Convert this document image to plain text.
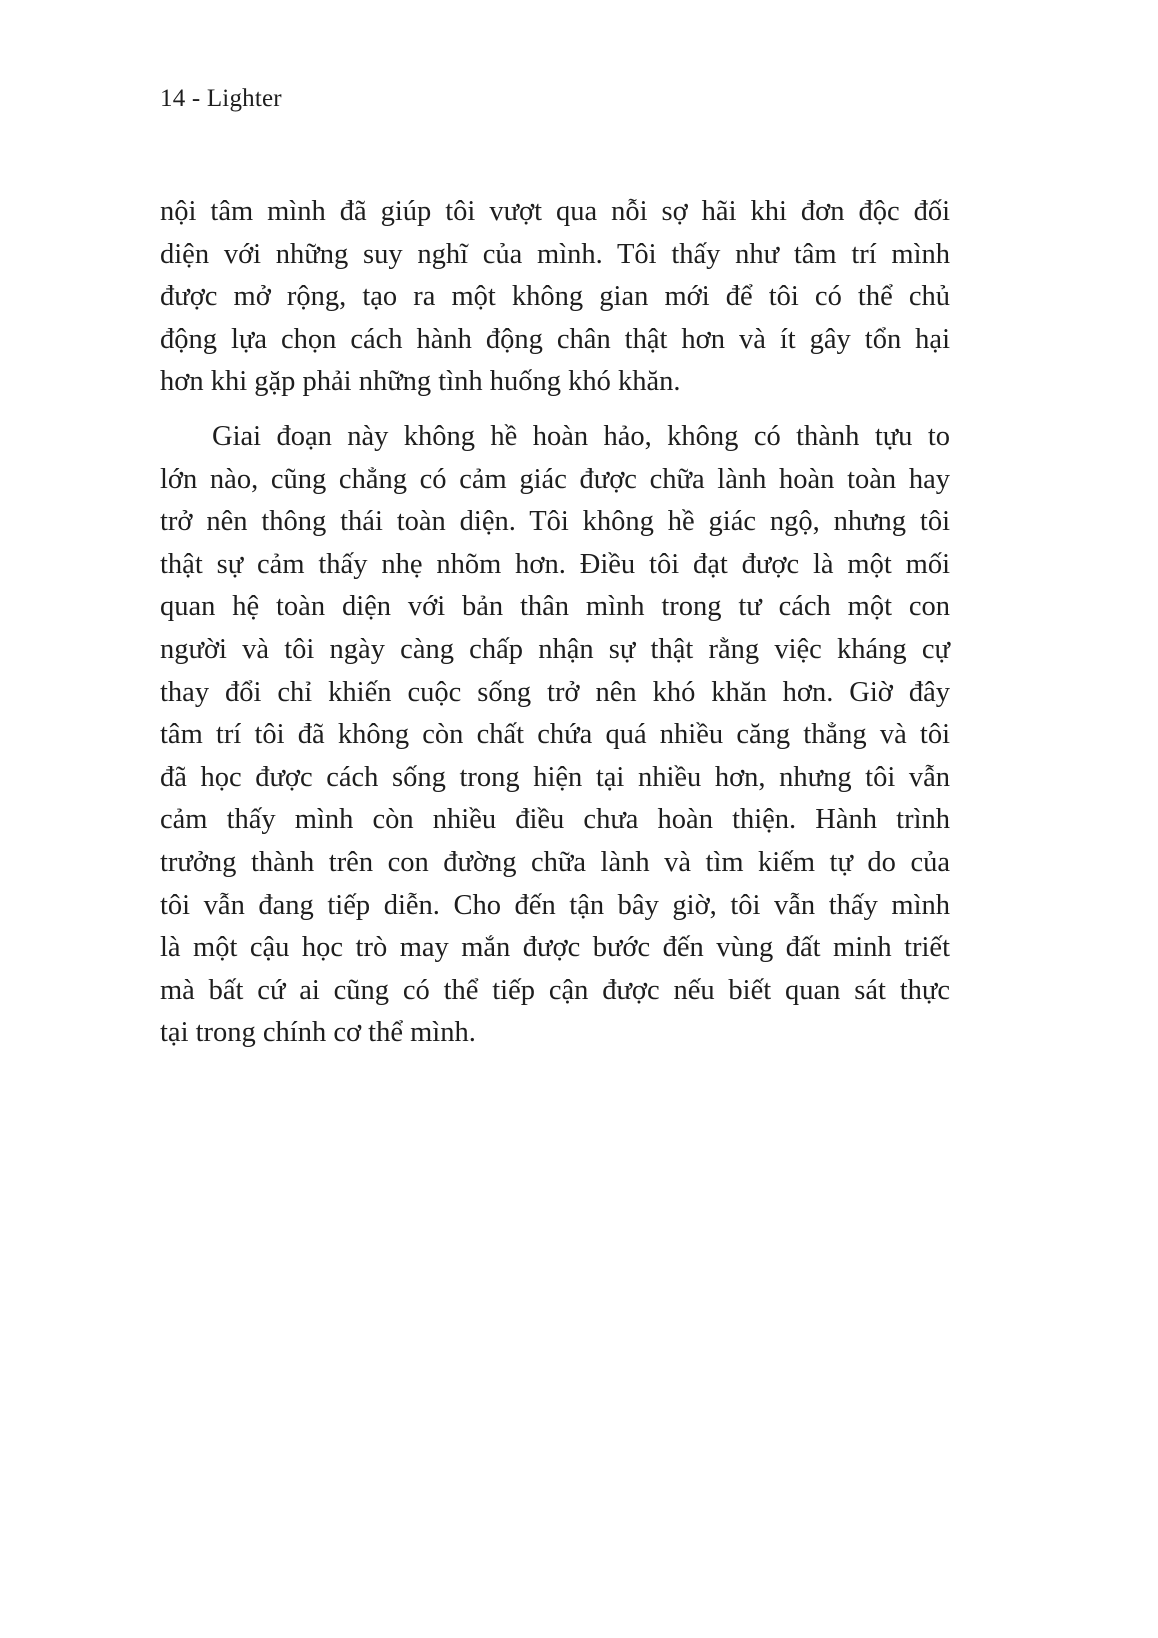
14 - Lighter
nội tâm mình đã giúp tôi vượt qua nỗi sợ hãi khi đơn độc đối
diện với những suy nghĩ của mình. Tôi thấy như tâm trí mình
được mở rộng, tạo ra một không gian mới để tôi có thể chủ
động lựa chọn cách hành động chân thật hơn và ít gây tổn hại
hơn khi gặp phải những tình huống khó khăn.
Giai đoạn này không hề hoàn hảo, không có thành tựu to
lớn nào, cũng chẳng có cảm giác được chữa lành hoàn toàn hay
trở nên thông thái toàn diện. Tôi không hề giác ngộ, nhưng tôi
thật sự cảm thấy nhẹ nhõm hơn. Điều tôi đạt được là một mối
quan hệ toàn diện với bản thân mình trong tư cách một con
người và tôi ngày càng chấp nhận sự thật rằng việc kháng cự
thay đổi chỉ khiến cuộc sống trở nên khó khăn hơn. Giờ đây
tâm trí tôi đã không còn chất chứa quá nhiều căng thẳng và tôi
đã học được cách sống trong hiện tại nhiều hơn, nhưng tôi vẫn
cảm thấy mình còn nhiều điều chưa hoàn thiện. Hành trình
trưởng thành trên con đường chữa lành và tìm kiếm tự do của
tôi vẫn đang tiếp diễn. Cho đến tận bây giờ, tôi vẫn thấy mình
là một cậu học trò may mắn được bước đến vùng đất minh triết
mà bất cứ ai cũng có thể tiếp cận được nếu biết quan sát thực
tại trong chính cơ thể mình.
